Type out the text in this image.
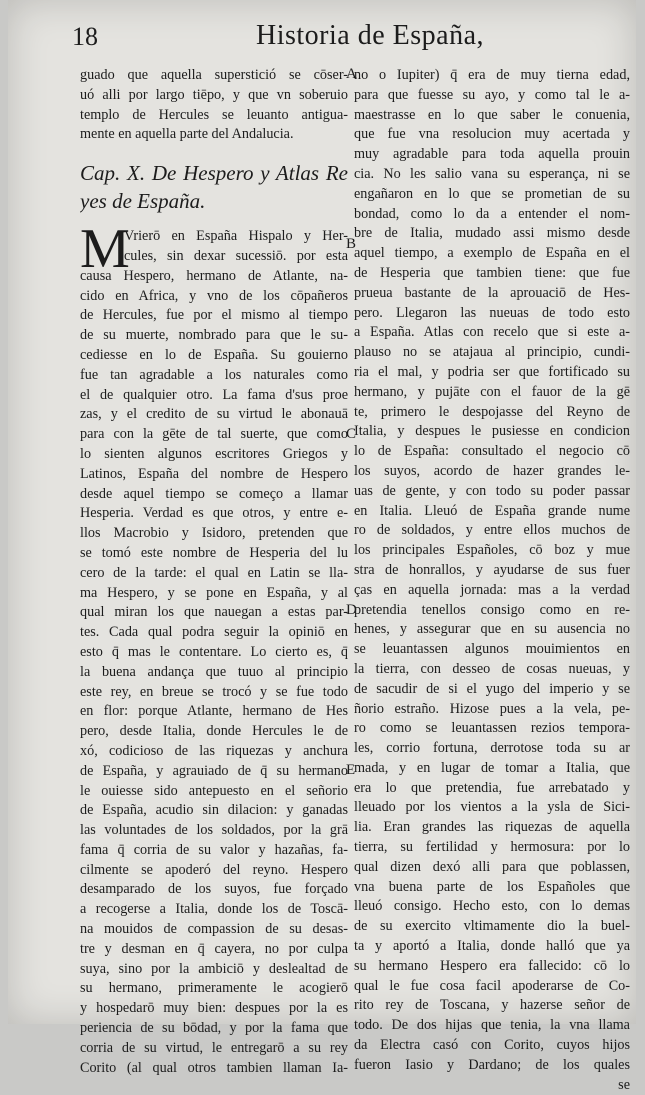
18	Historia de España,
guado que aquella superstició se cōser-
uó alli por largo tiēpo, y que vn soberuio
templo de Hercules se leuanto antigua-
mente en aquella parte del Andalucia.
Cap. X. De Hespero y Atlas Re
yes de España.
M
Vrierō en España Hispalo y Her-
cules, sin dexar sucessiō. por esta
causa Hespero, hermano de Atlante, na-
cido en Africa, y vno de los cōpañeros
de Hercules, fue por el mismo al tiempo
de su muerte, nombrado para que le su-
cediesse en lo de España. Su gouierno
fue tan agradable a los naturales como
el de qualquier otro. La fama d'sus proe
zas, y el credito de su virtud le abonauā
para con la gēte de tal suerte, que como
lo sienten algunos escritores Griegos y
Latinos, España del nombre de Hespero
desde aquel tiempo se começo a llamar
Hesperia. Verdad es que otros, y entre e-
llos Macrobio y Isidoro, pretenden que
se tomó este nombre de Hesperia del lu
cero de la tarde: el qual en Latin se lla-
ma Hespero, y se pone en España, y al
qual miran los que nauegan a estas par-
tes. Cada qual podra seguir la opiniō en
esto q̄ mas le contentare. Lo cierto es, q̄
la buena andança que tuuo al principio
este rey, en breue se trocó y se fue todo
en flor: porque Atlante, hermano de Hes
pero, desde Italia, donde Hercules le de
xó, codicioso de las riquezas y anchura
de España, y agrauiado de q̄ su hermano
le ouiesse sido antepuesto en el señorio
de España, acudio sin dilacion: y ganadas
las voluntades de los soldados, por la grā
fama q̄ corria de su valor y hazañas, fa-
cilmente se apoderó del reyno. Hespero
desamparado de los suyos, fue forçado
a recogerse a Italia, donde los de Toscā-
na mouidos de compassion de su desas-
tre y desman en q̄ cayera, no por culpa
suya, sino por la ambiciō y deslealtad de
su hermano, primeramente le acogierō
y hospedarō muy bien: despues por la es
periencia de su bōdad, y por la fama que
corria de su virtud, le entregarō a su rey
Corito (al qual otros tambien llaman Ia-
A
B
C
D
E
no o Iupiter) q̄ era de muy tierna edad,
para que fuesse su ayo, y como tal le a-
maestrasse en lo que saber le conuenia,
que fue vna resolucion muy acertada y
muy agradable para toda aquella prouin
cia. No les salio vana su esperança, ni se
engañaron en lo que se prometian de su
bondad, como lo da a entender el nom-
bre de Italia, mudado assi mismo desde
aquel tiempo, a exemplo de España en el
de Hesperia que tambien tiene: que fue
prueua bastante de la aprouaciō de Hes-
pero. Llegaron las nueuas de todo esto
a España. Atlas con recelo que si este a-
plauso no se atajaua al principio, cundi-
ria el mal, y podria ser que fortificado su
hermano, y pujāte con el fauor de la gē
te, primero le despojasse del Reyno de
Italia, y despues le pusiesse en condicion
lo de España: consultado el negocio cō
los suyos, acordo de hazer grandes le-
uas de gente, y con todo su poder passar
en Italia. Lleuó de España grande nume
ro de soldados, y entre ellos muchos de
los principales Españoles, cō boz y mue
stra de honrallos, y ayudarse de sus fuer
ças en aquella jornada: mas a la verdad
pretendia tenellos consigo como en re-
henes, y assegurar que en su ausencia no
se leuantassen algunos mouimientos en
la tierra, con desseo de cosas nueuas, y
de sacudir de si el yugo del imperio y se
ñorio estraño. Hizose pues a la vela, pe-
ro como se leuantassen rezios tempora-
les, corrio fortuna, derrotose toda su ar
mada, y en lugar de tomar a Italia, que
era lo que pretendia, fue arrebatado y
lleuado por los vientos a la ysla de Sici-
lia. Eran grandes las riquezas de aquella
tierra, su fertilidad y hermosura: por lo
qual dizen dexó alli para que poblassen,
vna buena parte de los Españoles que
lleuó consigo. Hecho esto, con lo demas
de su exercito vltimamente dio la buel-
ta y aportó a Italia, donde halló que ya
su hermano Hespero era fallecido: cō lo
qual le fue cosa facil apoderarse de Co-
rito rey de Toscana, y hazerse señor de
todo. De dos hijas que tenia, la vna llama
da Electra casó con Corito, cuyos hijos
fueron Iasio y Dardano; de los quales
se
